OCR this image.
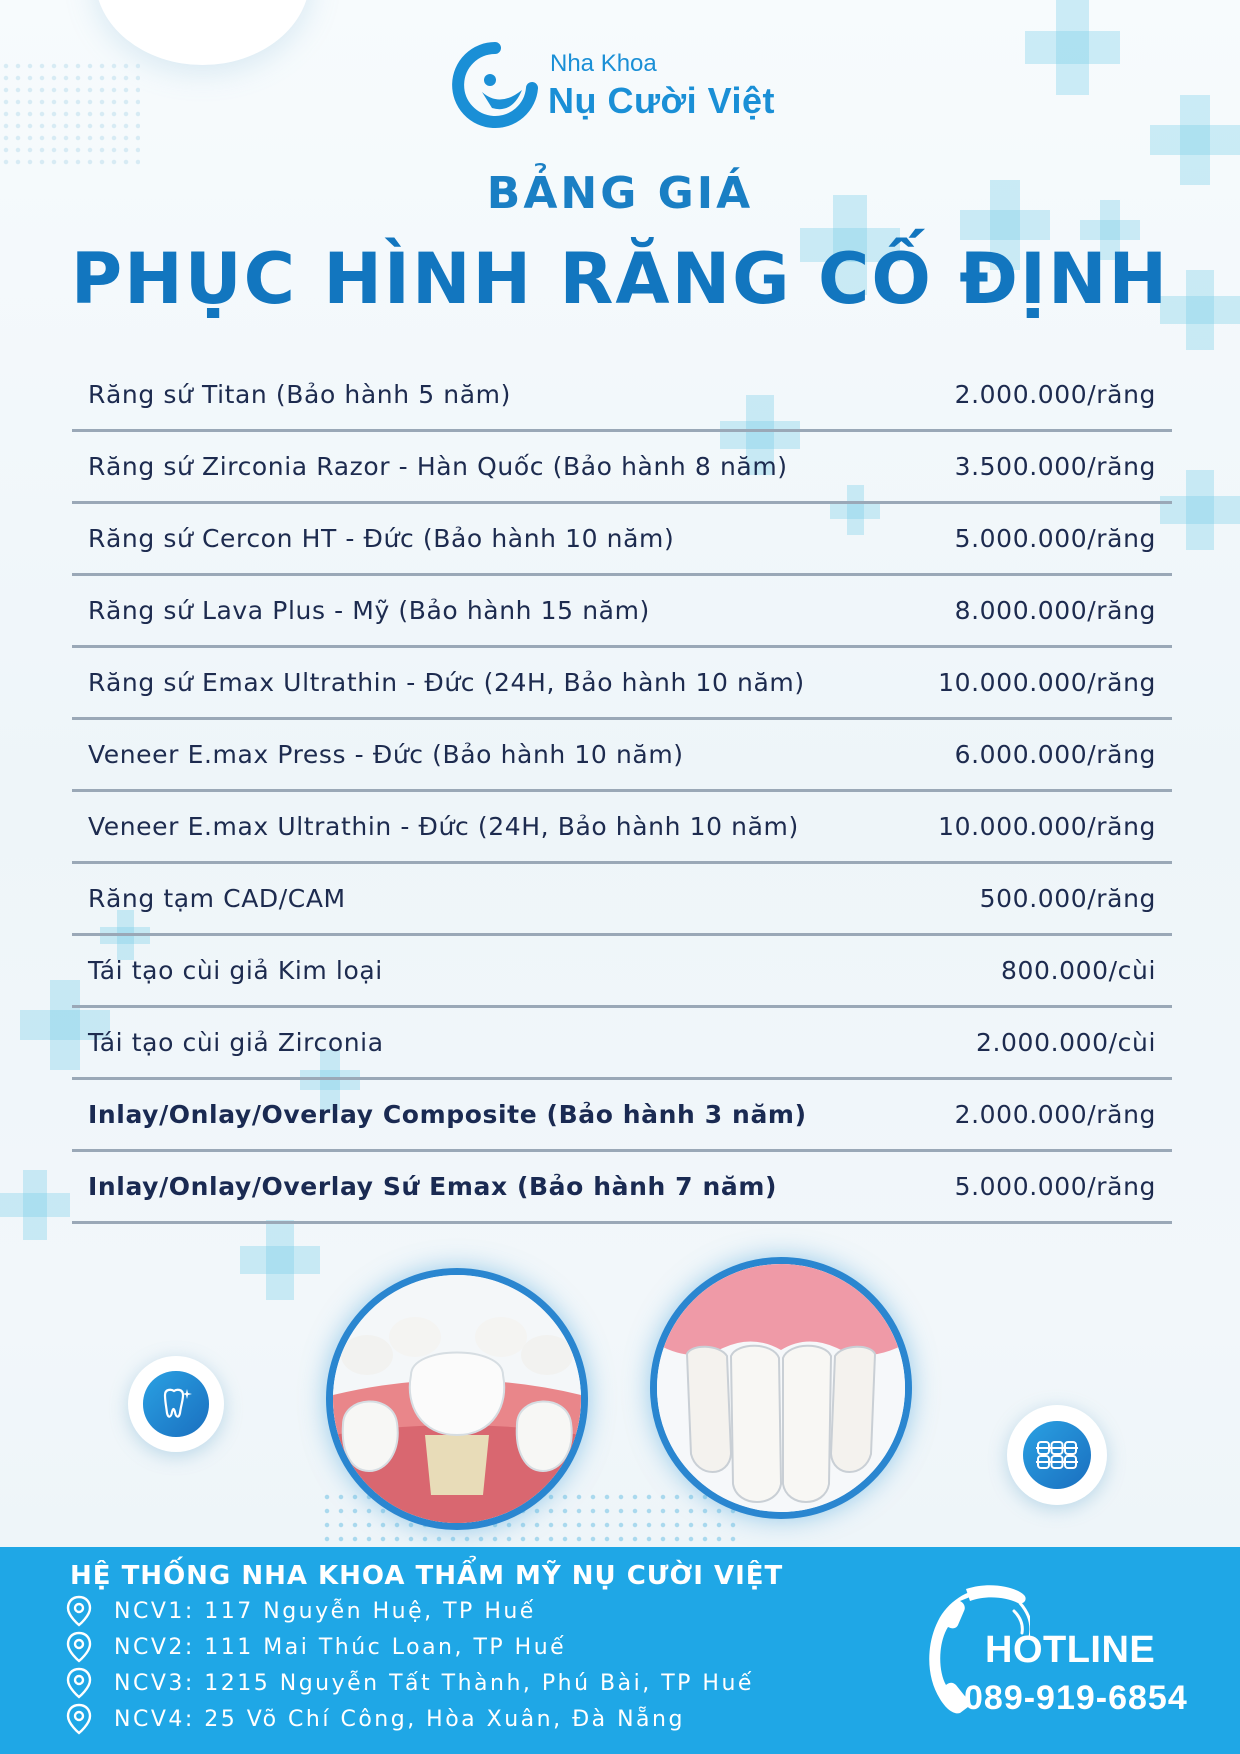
Nha Khoa
Nụ Cười Việt
BẢNG GIÁ
PHỤC HÌNH RĂNG CỐ ĐỊNH
Răng sứ Titan (Bảo hành 5 năm)	2.000.000/răng
Răng sứ Zirconia Razor - Hàn Quốc (Bảo hành 8 năm)	3.500.000/răng
Răng sứ Cercon HT - Đức (Bảo hành 10 năm)	5.000.000/răng
Răng sứ Lava Plus - Mỹ (Bảo hành 15 năm)	8.000.000/răng
Răng sứ Emax Ultrathin - Đức (24H, Bảo hành 10 năm)	10.000.000/răng
Veneer E.max Press - Đức (Bảo hành 10 năm)	6.000.000/răng
Veneer E.max Ultrathin - Đức (24H, Bảo hành 10 năm)	10.000.000/răng
Răng tạm CAD/CAM	500.000/răng
Tái tạo cùi giả Kim loại	800.000/cùi
Tái tạo cùi giả Zirconia	2.000.000/cùi
Inlay/Onlay/Overlay Composite (Bảo hành 3 năm)	2.000.000/răng
Inlay/Onlay/Overlay Sứ Emax (Bảo hành 7 năm)	5.000.000/răng
HỆ THỐNG NHA KHOA THẨM MỸ NỤ CƯỜI VIỆT
NCV1: 117 Nguyễn Huệ, TP Huế
NCV2: 111 Mai Thúc Loan, TP Huế
NCV3: 1215 Nguyễn Tất Thành, Phú Bài, TP Huế
NCV4: 25 Võ Chí Công, Hòa Xuân, Đà Nẵng
HOTLINE
089-919-6854
